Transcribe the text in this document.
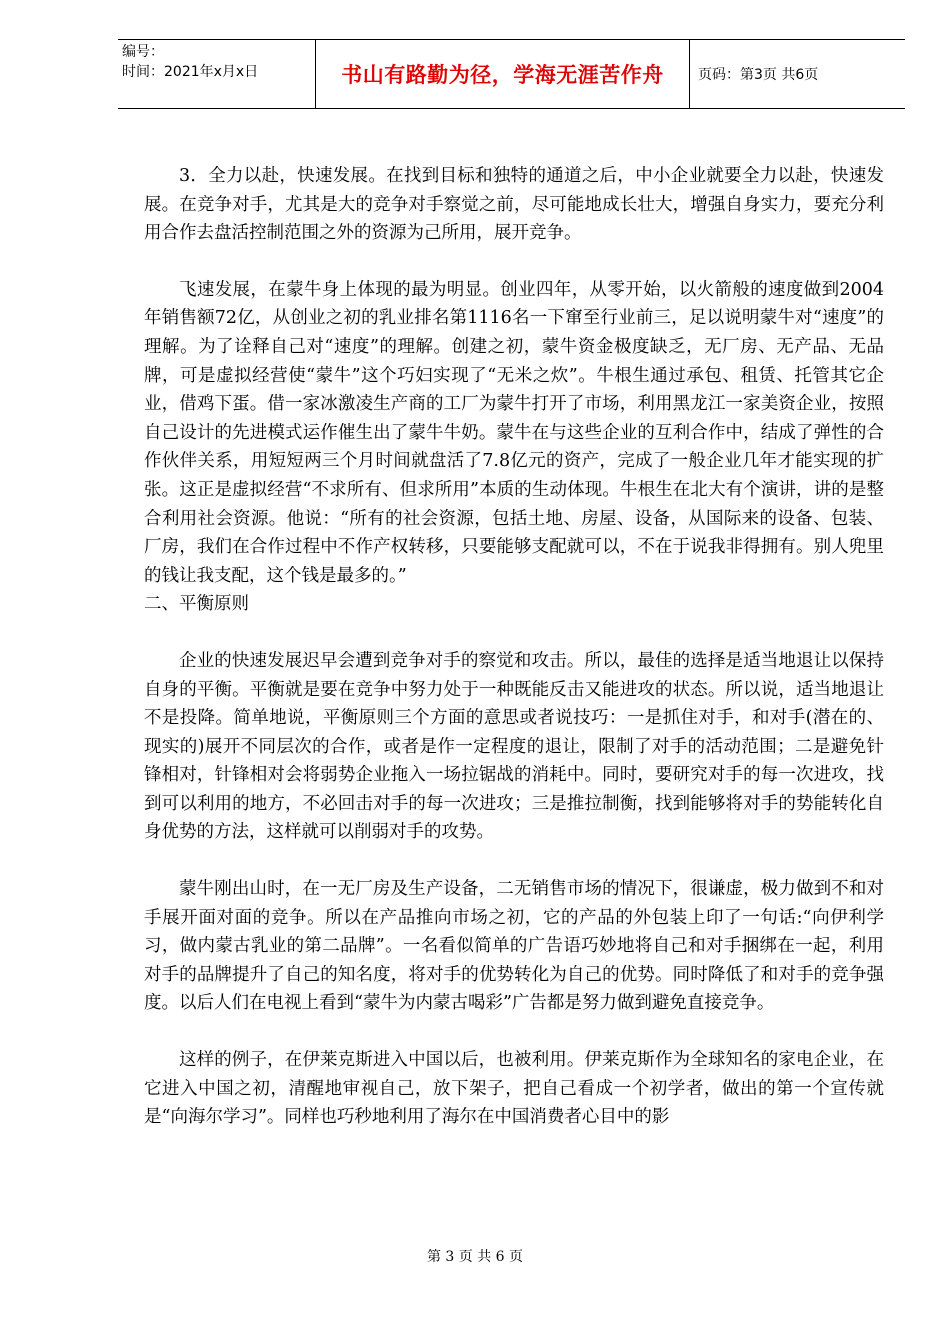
编号：
时间：2021年x月x日	书山有路勤为径，学海无涯苦作舟 页码：第3页 共6页

3．全力以赴，快速发展。在找到目标和独特的通道之后，中小企业就要全力以赴，快速发展。在竞争对手，尤其是大的竞争对手察觉之前，尽可能地成长壮大，增强自身实力，要充分利用合作去盘活控制范围之外的资源为己所用，展开竞争。

飞速发展，在蒙牛身上体现的最为明显。创业四年，从零开始，以火箭般的速度做到2004年销售额72亿，从创业之初的乳业排名第1116名一下窜至行业前三，足以说明蒙牛对“速度”的理解。为了诠释自己对“速度”的理解。创建之初，蒙牛资金极度缺乏，无厂房、无产品、无品牌，可是虚拟经营使“蒙牛”这个巧妇实现了“无米之炊”。牛根生通过承包、租赁、托管其它企业，借鸡下蛋。借一家冰激凌生产商的工厂为蒙牛打开了市场，利用黑龙江一家美资企业，按照自己设计的先进模式运作催生出了蒙牛牛奶。蒙牛在与这些企业的互利合作中，结成了弹性的合作伙伴关系，用短短两三个月时间就盘活了7.8亿元的资产，完成了一般企业几年才能实现的扩张。这正是虚拟经营“不求所有、但求所用”本质的生动体现。牛根生在北大有个演讲，讲的是整合利用社会资源。他说：“所有的社会资源，包括土地、房屋、设备，从国际来的设备、包装、厂房，我们在合作过程中不作产权转移，只要能够支配就可以，不在于说我非得拥有。别人兜里的钱让我支配，这个钱是最多的。”

二、平衡原则

企业的快速发展迟早会遭到竞争对手的察觉和攻击。所以，最佳的选择是适当地退让以保持自身的平衡。平衡就是要在竞争中努力处于一种既能反击又能进攻的状态。所以说，适当地退让不是投降。简单地说，平衡原则三个方面的意思或者说技巧：一是抓住对手，和对手(潜在的、现实的)展开不同层次的合作，或者是作一定程度的退让，限制了对手的活动范围；二是避免针锋相对，针锋相对会将弱势企业拖入一场拉锯战的消耗中。同时，要研究对手的每一次进攻，找到可以利用的地方，不必回击对手的每一次进攻；三是推拉制衡，找到能够将对手的势能转化自身优势的方法，这样就可以削弱对手的攻势。

蒙牛刚出山时，在一无厂房及生产设备，二无销售市场的情况下，很谦虚，极力做到不和对手展开面对面的竞争。所以在产品推向市场之初，它的产品的外包装上印了一句话:“向伊利学习，做内蒙古乳业的第二品牌”。一名看似简单的广告语巧妙地将自己和对手捆绑在一起，利用对手的品牌提升了自己的知名度，将对手的优势转化为自己的优势。同时降低了和对手的竞争强度。以后人们在电视上看到“蒙牛为内蒙古喝彩”广告都是努力做到避免直接竞争。

这样的例子，在伊莱克斯进入中国以后，也被利用。伊莱克斯作为全球知名的家电企业，在它进入中国之初，清醒地审视自己，放下架子，把自己看成一个初学者，做出的第一个宣传就是“向海尔学习”。同样也巧秒地利用了海尔在中国消费者心目中的影

第 3 页 共 6 页
